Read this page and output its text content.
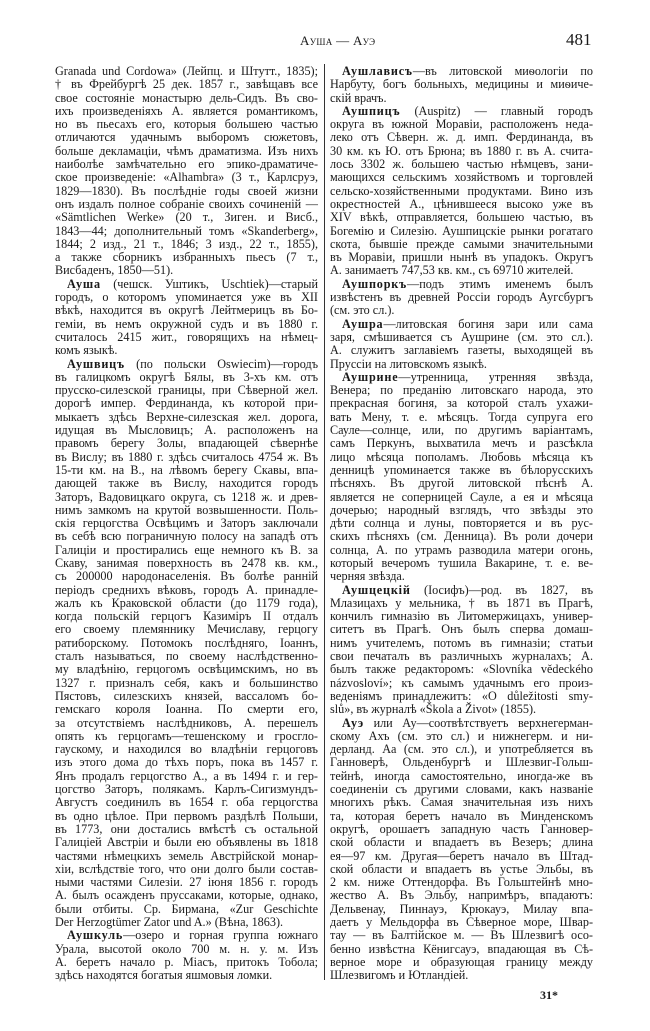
Ауша — Ауэ	481
Granada und Cordowa» (Лейпц. и Штутт., 1835);
† въ Фрейбургѣ 25 дек. 1857 г., завѣщавъ все
свое состояніе монастырю дель-Сидъ. Въ сво-
ихъ произведеніяхъ А. является романтикомъ,
но въ пьесахъ его, которыя большею частью
отличаются удачнымъ выборомъ сюжетовъ,
больше декламаціи, чѣмъ драматизма. Изъ нихъ
наиболѣе замѣчательно его эпико-драматиче-
ское произведеніе: «Alhambra» (3 т., Карлсруэ,
1829—1830). Въ послѣдніе годы своей жизни
онъ издалъ полное собраніе своихъ сочиненій —
«Sämtlichen Werke» (20 т., Зиген. и Висб.,
1843—44; дополнительный томъ «Skanderberg»,
1844; 2 изд., 21 т., 1846; 3 изд., 22 т., 1855),
а также сборникъ избранныхъ пьесъ (7 т.,
Висбаденъ, 1850—51).
Ауша (чешск. Уштикъ, Uschtiek)—старый
городъ, о которомъ упоминается уже въ XII
вѣкѣ, находится въ округѣ Лейтмерицъ въ Бо-
геміи, въ немъ окружной судъ и въ 1880 г.
считалось 2415 жит., говорящихъ на нѣмец-
комъ языкѣ.
Аушвицъ (по польски Oswiecim)—городъ
въ галицкомъ округѣ Бялы, въ 3-хъ км. отъ
прусско-силезской границы, при Сѣверной жел.
дорогѣ импер. Фердинанда, къ которой при-
мыкаетъ здѣсь Верхне-силезская жел. дорога,
идущая въ Мысловицъ; А. расположенъ на
правомъ берегу Золы, впадающей сѣвернѣе
въ Вислу; въ 1880 г. здѣсь считалось 4754 ж. Въ
15-ти км. на В., на лѣвомъ берегу Скавы, впа-
дающей также въ Вислу, находится городъ
Заторъ, Вадовицкаго округа, съ 1218 ж. и древ-
нимъ замкомъ на крутой возвышенности. Поль-
скія герцогства Освѣцимъ и Заторъ заключали
въ себѣ всю пограничную полосу на западѣ отъ
Галиціи и простирались еще немного къ В. за
Скаву, занимая поверхность въ 2478 кв. км.,
съ 200000 народонаселенія. Въ болѣе ранній
періодъ среднихъ вѣковъ, городъ А. принадле-
жалъ къ Краковской области (до 1179 года),
когда польскій герцогъ Казиміръ II отдалъ
его своему племяннику Мечиславу, герцогу
ратиборскому. Потомокъ послѣдняго, Іоаннъ,
сталъ называться, по своему наслѣдственно-
му владѣнію, герцогомъ освѣцимскимъ, но въ
1327 г. призналъ себя, какъ и большинство
Пястовъ, силезскихъ князей, вассаломъ бо-
гемскаго короля Іоанна. По смерти его,
за отсутствіемъ наслѣдниковъ, А. перешелъ
опять къ герцогамъ—тешенскому и гросгло-
гаускому, и находился во владѣніи герцоговъ
изъ этого дома до тѣхъ поръ, пока въ 1457 г.
Янъ продалъ герцогство А., а въ 1494 г. и гер-
цогство Заторъ, полякамъ. Карлъ-Сигизмундъ-
Августъ соединилъ въ 1654 г. оба герцогства
въ одно цѣлое. При первомъ раздѣлѣ Польши,
въ 1773, они достались вмѣстѣ съ остальной
Галиціей Австріи и были ею объявлены въ 1818
частями нѣмецкихъ земель Австрійской монар-
хіи, вслѣдствіе того, что они долго были состав-
ными частями Силезіи. 27 іюня 1856 г. городъ
А. былъ осажденъ пруссаками, которые, однако,
были отбиты. Ср. Бирмана, «Zur Geschichte
Der Herzogtümer Zator und A.» (Вѣна, 1863).
Аушкуль—озеро и горная группа южнаго
Урала, высотой около 700 м. н. у. м. Изъ
А. беретъ начало р. Міасъ, притокъ Тобола;
здѣсь находятся богатыя яшмовыя ломки.
Аушлависъ—въ литовской миѳологіи по
Нарбуту, богъ больныхъ, медицины и миѳиче-
скій врачъ.
Аушпицъ (Auspitz) — главный городъ
округа въ южной Моравіи, расположенъ неда-
леко отъ Сѣверн. ж. д. имп. Фердинанда, въ
30 км. къ Ю. отъ Брюна; въ 1880 г. въ А. счита-
лось 3302 ж. большею частью нѣмцевъ, зани-
мающихся сельскимъ хозяйствомъ и торговлей
сельско-хозяйственными продуктами. Вино изъ
окрестностей А., цѣнившееся высоко уже въ
XIV вѣкѣ, отправляется, большею частью, въ
Богемію и Силезію. Аушпицскіе рынки рогатаго
скота, бывшіе прежде самыми значительными
въ Моравіи, пришли нынѣ въ упадокъ. Округъ
А. занимаетъ 747,53 кв. км., съ 69710 жителей.
Аушпоркъ—подъ этимъ именемъ былъ
извѣстенъ въ древней Россіи городъ Аугсбургъ
(см. это сл.).
Аушра—литовская богиня зари или сама
заря, смѣшивается съ Аушрине (см. это сл.).
А. служитъ заглавіемъ газеты, выходящей въ
Пруссіи на литовскомъ языкѣ.
Аушрине—утренница, утренняя звѣзда,
Венера; по преданію литовскаго народа, это
прекрасная богиня, за которой сталъ ухажи-
вать Мену, т. е. мѣсяцъ. Тогда супруга его
Сауле—солнце, или, по другимъ варіантамъ,
самъ Перкунъ, выхватила мечъ и разсѣкла
лицо мѣсяца пополамъ. Любовь мѣсяца къ
денницѣ упоминается также въ бѣлорусскихъ
пѣсняхъ. Въ другой литовской пѣснѣ А.
является не соперницей Сауле, а ея и мѣсяца
дочерью; народный взглядъ, что звѣзды это
дѣти солнца и луны, повторяется и въ рус-
скихъ пѣсняхъ (см. Денница). Въ роли дочери
солнца, А. по утрамъ разводила матери огонь,
который вечеромъ тушила Вакарине, т. е. ве-
черняя звѣзда.
Аушцецкій (Іосифъ)—род. въ 1827, въ
Млазицахъ у мельника, † въ 1871 въ Прагѣ,
кончилъ гимназію въ Литомержицахъ, универ-
ситетъ въ Прагѣ. Онъ былъ сперва домаш-
нимъ учителемъ, потомъ въ гимназіи; статьи
свои печаталъ въ различныхъ журналахъ; А.
былъ также редакторомъ: «Slovníka vědeckého
názvosloví»; къ самымъ удачнымъ его произ-
веденіямъ принадлежитъ: «O důležitosti smy-
slů», въ журналѣ «Škola a Život» (1855).
Ауэ или Ау—соотвѣтствуетъ верхнегерман-
скому Ахъ (см. это сл.) и нижнегерм. и ни-
дерланд. Аа (см. это сл.), и употребляется въ
Ганноверѣ, Ольденбургѣ и Шлезвиг-Гольш-
тейнѣ, иногда самостоятельно, иногда-же въ
соединеніи съ другими словами, какъ названіе
многихъ рѣкъ. Самая значительная изъ нихъ
та, которая беретъ начало въ Минденскомъ
округѣ, орошаетъ западную часть Ганновер-
ской области и впадаетъ въ Везеръ; длина
ея—97 км. Другая—беретъ начало въ Штад-
ской области и впадаетъ въ устье Эльбы, въ
2 км. ниже Оттендорфа. Въ Гольштейнѣ мно-
жество А. Въ Эльбу, напримѣръ, впадаютъ:
Дельвенау, Пиннауэ, Крюкауэ, Милау впа-
даетъ у Мельдорфа въ Сѣверное море, Швар-
тау — въ Балтійское м. — Въ Шлезвигѣ осо-
бенно извѣстна Кёнигсауэ, впадающая въ Сѣ-
верное море и образующая границу между
Шлезвигомъ и Ютландіей.
31*
